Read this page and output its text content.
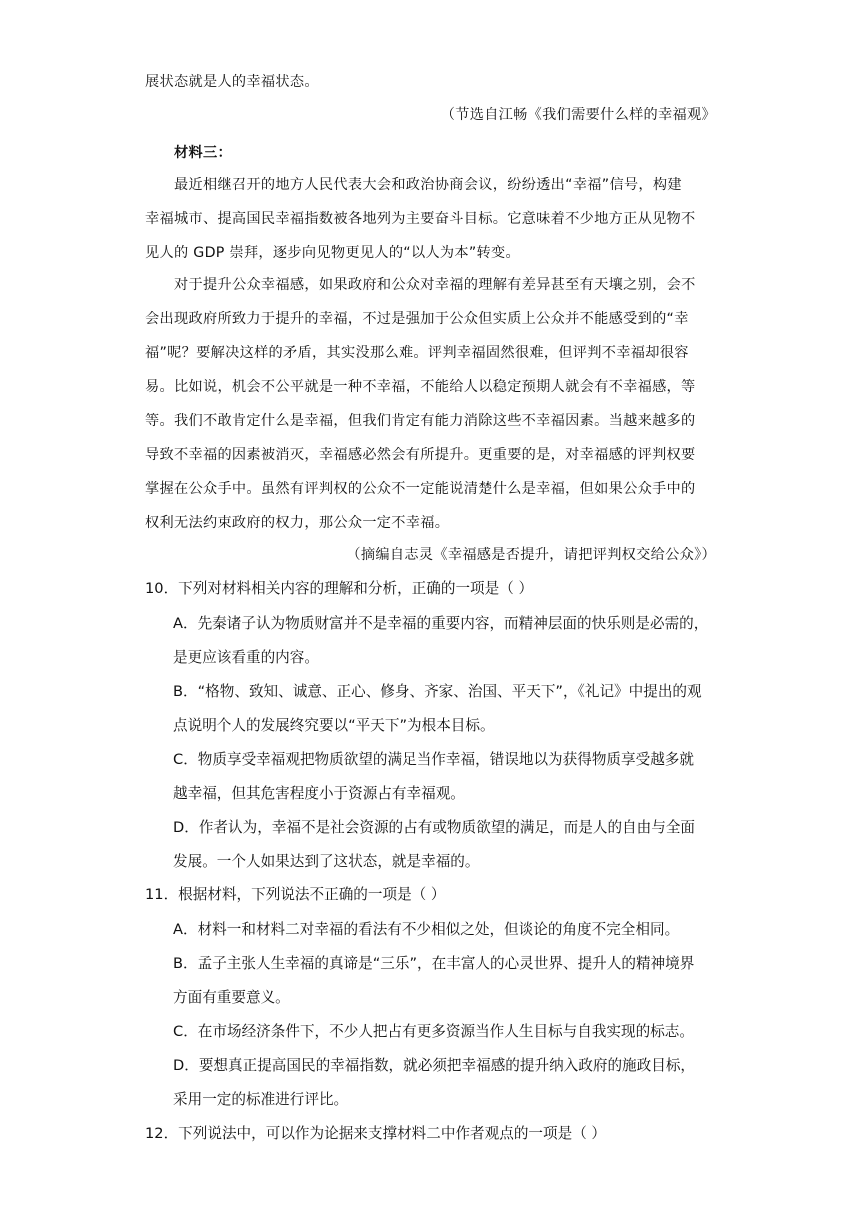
展状态就是人的幸福状态。
（节选自江畅《我们需要什么样的幸福观》
材料三：
最近相继召开的地方人民代表大会和政治协商会议，纷纷透出“幸福”信号，构建
幸福城市、提高国民幸福指数被各地列为主要奋斗目标。它意味着不少地方正从见物不
见人的 GDP 崇拜，逐步向见物更见人的“以人为本”转变。
对于提升公众幸福感，如果政府和公众对幸福的理解有差异甚至有天壤之别，会不
会出现政府所致力于提升的幸福，不过是强加于公众但实质上公众并不能感受到的“幸
福”呢？要解决这样的矛盾，其实没那么难。评判幸福固然很难，但评判不幸福却很容
易。比如说，机会不公平就是一种不幸福，不能给人以稳定预期人就会有不幸福感，等
等。我们不敢肯定什么是幸福，但我们肯定有能力消除这些不幸福因素。当越来越多的
导致不幸福的因素被消灭，幸福感必然会有所提升。更重要的是，对幸福感的评判权要
掌握在公众手中。虽然有评判权的公众不一定能说清楚什么是幸福，但如果公众手中的
权利无法约束政府的权力，那公众一定不幸福。
（摘编自志灵《幸福感是否提升，请把评判权交给公众》）
10．下列对材料相关内容的理解和分析，正确的一项是（ ）
A．先秦诸子认为物质财富并不是幸福的重要内容，而精神层面的快乐则是必需的，
是更应该看重的内容。
B．“格物、致知、诚意、正心、修身、齐家、治国、平天下”，《礼记》中提出的观
点说明个人的发展终究要以“平天下”为根本目标。
C．物质享受幸福观把物质欲望的满足当作幸福，错误地以为获得物质享受越多就
越幸福，但其危害程度小于资源占有幸福观。
D．作者认为，幸福不是社会资源的占有或物质欲望的满足，而是人的自由与全面
发展。一个人如果达到了这状态，就是幸福的。
11．根据材料，下列说法不正确的一项是（ ）
A．材料一和材料二对幸福的看法有不少相似之处，但谈论的角度不完全相同。
B．孟子主张人生幸福的真谛是“三乐”，在丰富人的心灵世界、提升人的精神境界
方面有重要意义。
C．在市场经济条件下，不少人把占有更多资源当作人生目标与自我实现的标志。
D．要想真正提高国民的幸福指数，就必须把幸福感的提升纳入政府的施政目标，
采用一定的标准进行评比。
12．下列说法中，可以作为论据来支撑材料二中作者观点的一项是（ ）
